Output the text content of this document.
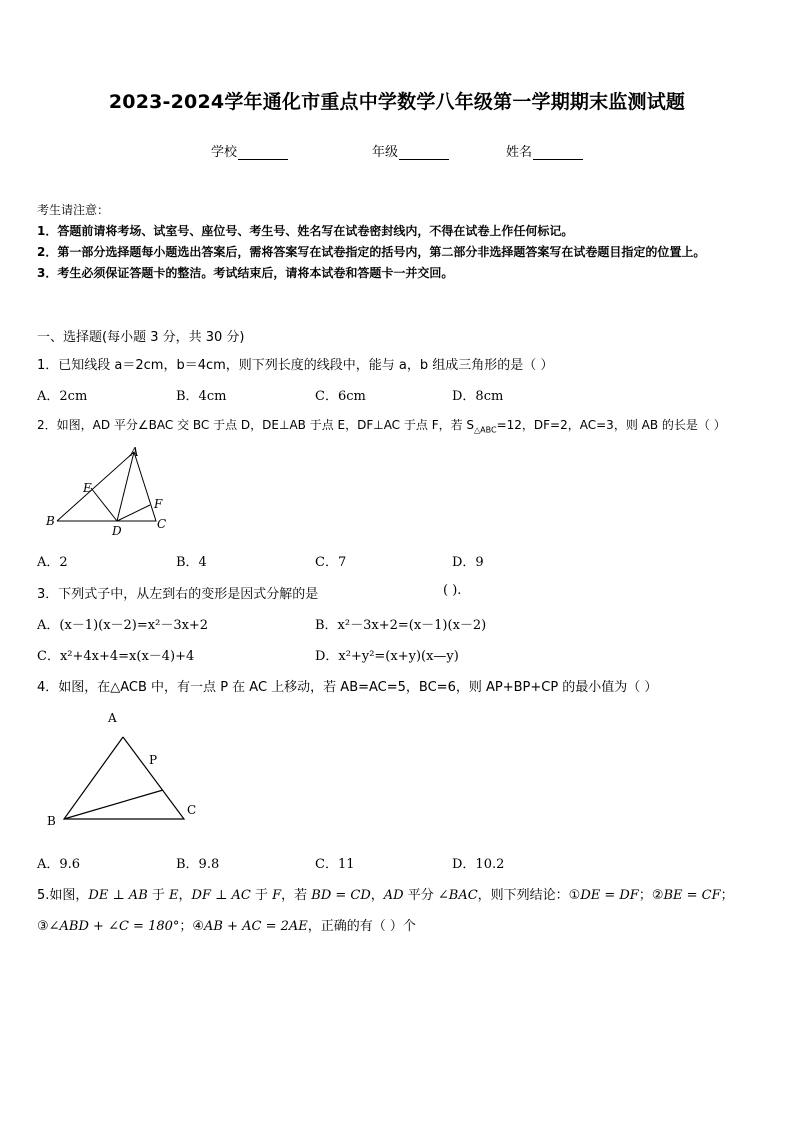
2023-2024学年通化市重点中学数学八年级第一学期期末监测试题
学校	年级	姓名
考生请注意：
1．答题前请将考场、试室号、座位号、考生号、姓名写在试卷密封线内，不得在试卷上作任何标记。
2．第一部分选择题每小题选出答案后，需将答案写在试卷指定的括号内，第二部分非选择题答案写在试卷题目指定的位置上。
3．考生必须保证答题卡的整洁。考试结束后，请将本试卷和答题卡一并交回。
一、选择题(每小题 3 分，共 30 分)
1．已知线段 a＝2cm，b＝4cm，则下列长度的线段中，能与 a，b 组成三角形的是（ ）
A．2cm	B．4cm	C．6cm	D．8cm
2．如图，AD 平分∠BAC 交 BC 于点 D，DE⊥AB 于点 E，DF⊥AC 于点 F，若 $S_{\triangle ABC}=12$，DF=2，AC=3，则 AB 的长是（ ）
A
E
F
B
D	C
A．2	B．4	C．7	D．9
3．下列式子中，从左到右的变形是因式分解的是	( ).
A．(x－1)(x－2)=x²－3x+2	B．x²－3x+2=(x－1)(x－2)
C．x²+4x+4=x(x－4)+4	D．x²+y²=(x+y)(x—y)
4．如图，在△ACB 中，有一点 P 在 AC 上移动，若 AB=AC=5，BC=6，则 AP+BP+CP 的最小值为（ ）
A
P
B
C
A．9.6	B．9.8	C．11	D．10.2
5.如图，DE ⊥ AB 于 E，DF ⊥ AC 于 F，若 BD = CD，AD 平分 ∠BAC，则下列结论：①DE = DF；②BE = CF；
③∠ABD + ∠C = 180°；④AB + AC = 2AE，正确的有（ ）个
